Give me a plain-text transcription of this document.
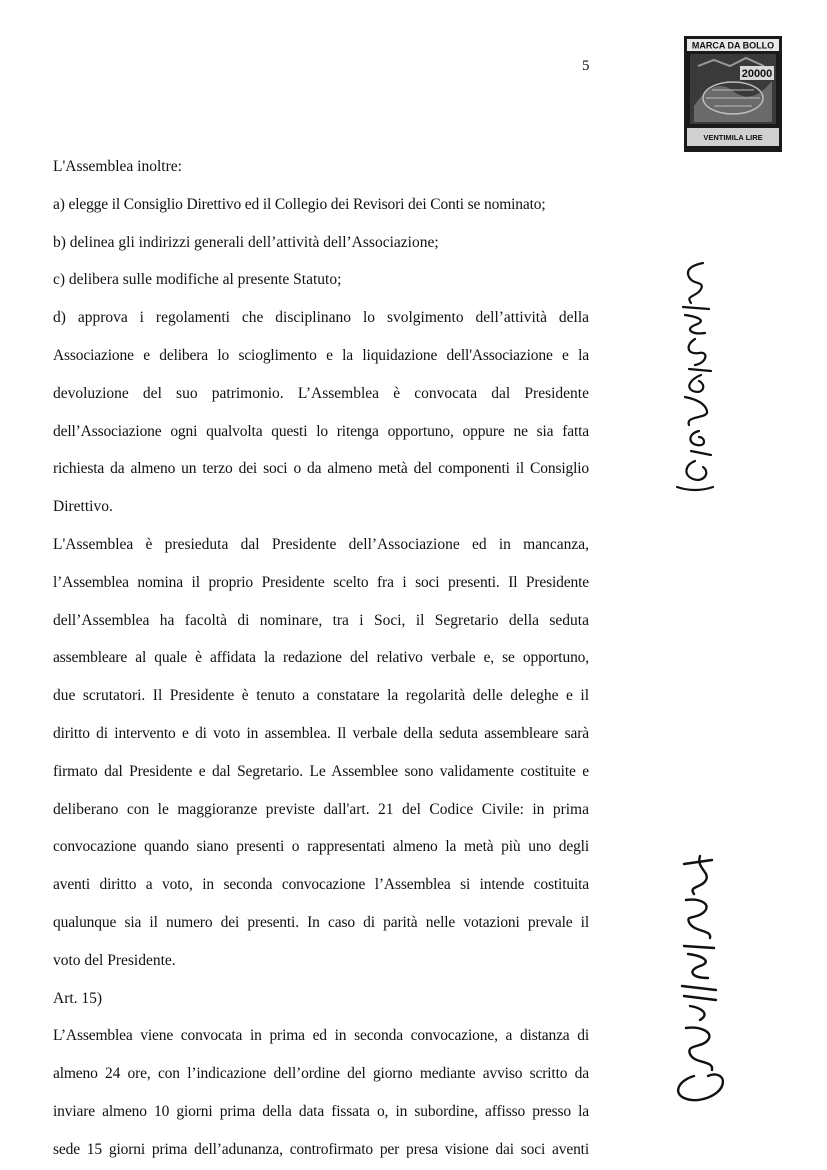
5
MARCA DA BOLLO
20000
VENTIMILA LIRE
L'Assemblea inoltre:
a) elegge il Consiglio Direttivo ed il Collegio dei Revisori dei Conti se nominato;
b) delinea gli indirizzi generali dell’attività dell’Associazione;
c) delibera sulle modifiche al presente Statuto;
d) approva i regolamenti che disciplinano lo svolgimento dell’attività della
Associazione e delibera lo scioglimento e la liquidazione dell'Associazione e la
devoluzione del suo patrimonio. L’Assemblea è convocata dal Presidente
dell’Associazione ogni qualvolta questi lo ritenga opportuno, oppure ne sia fatta
richiesta da almeno un terzo dei soci o da almeno metà del componenti il Consiglio
Direttivo.
L'Assemblea è presieduta dal Presidente dell’Associazione ed in mancanza,
l’Assemblea nomina il proprio Presidente scelto fra i soci presenti. Il Presidente
dell’Assemblea ha facoltà di nominare, tra i Soci, il Segretario della seduta
assembleare al quale è affidata la redazione del relativo verbale e, se opportuno,
due scrutatori. Il Presidente è tenuto a constatare la regolarità delle deleghe e il
diritto di intervento e di voto in assemblea. Il verbale della seduta assembleare sarà
firmato dal Presidente e dal Segretario. Le Assemblee sono validamente costituite e
deliberano con le maggioranze previste dall'art. 21 del Codice Civile: in prima
convocazione quando siano presenti o rappresentati almeno la metà più uno degli
aventi diritto a voto, in seconda convocazione l’Assemblea si intende costituita
qualunque sia il numero dei presenti. In caso di parità nelle votazioni prevale il
voto del Presidente.
Art. 15)
L’Assemblea viene convocata in prima ed in seconda convocazione, a distanza di
almeno 24 ore, con l’indicazione dell’ordine del giorno mediante avviso scritto da
inviare almeno 10 giorni prima della data fissata o, in subordine, affisso presso la
sede 15 giorni prima dell’adunanza, controfirmato per presa visione dai soci aventi
